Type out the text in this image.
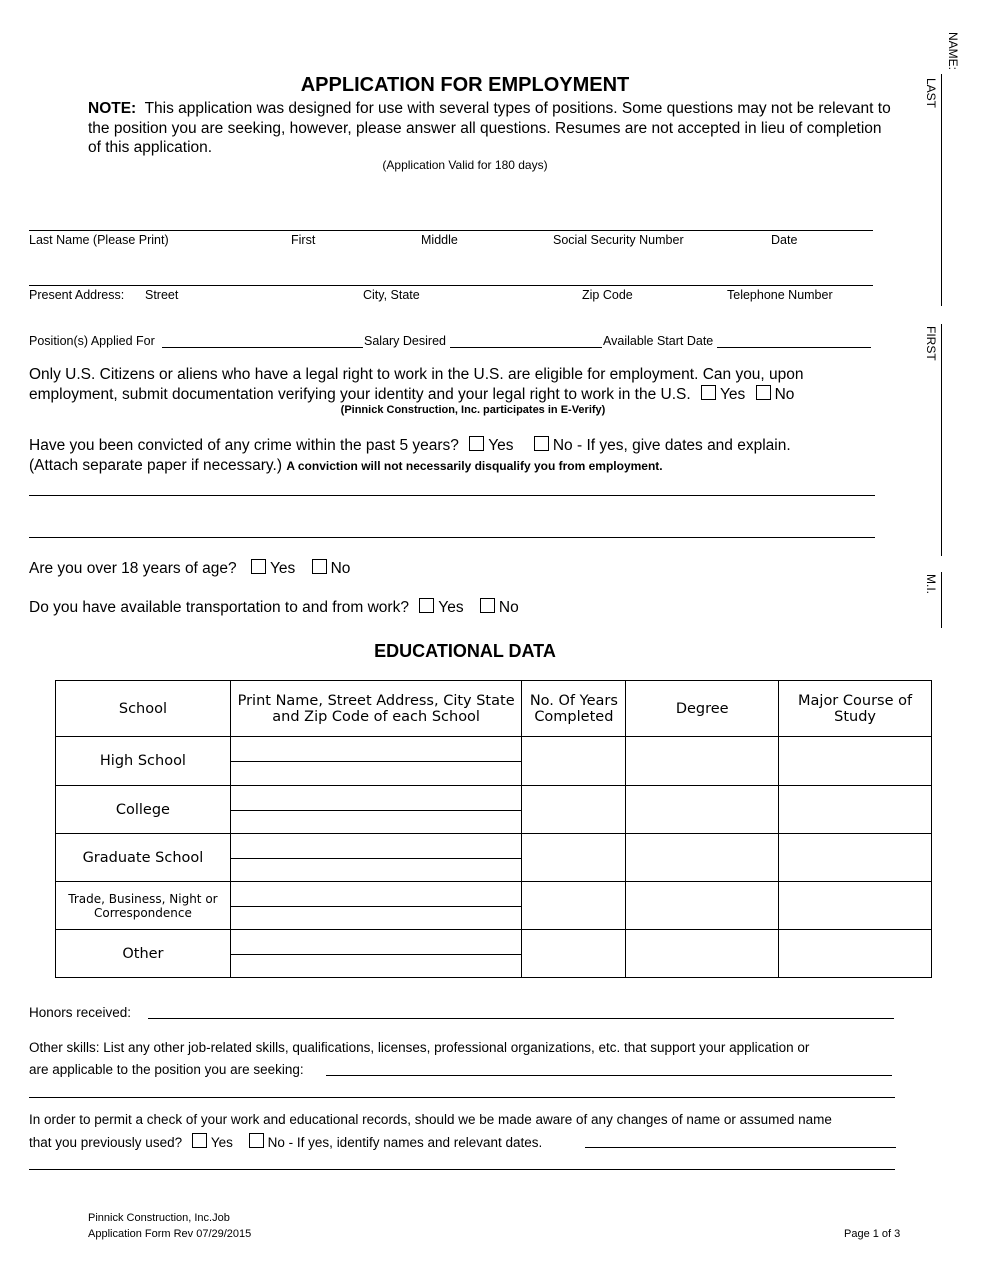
APPLICATION FOR EMPLOYMENT
NOTE: This application was designed for use with several types of positions. Some questions may not be relevant to the position you are seeking, however, please answer all questions. Resumes are not accepted in lieu of completion of this application.
(Application Valid for 180 days)
NAME:
LAST
FIRST
M.I.
Last Name (Please Print)	First	Middle	Social Security Number	Date
Present Address: Street	City, State	Zip Code	Telephone Number
Position(s) Applied For	Salary Desired	Available Start Date
Only U.S. Citizens or aliens who have a legal right to work in the U.S. are eligible for employment. Can you, upon
employment, submit documentation verifying your identity and your legal right to work in the U.S. Yes No
(Pinnick Construction, Inc. participates in E-Verify)
Have you been convicted of any crime within the past 5 years? Yes	No - If yes, give dates and explain.
(Attach separate paper if necessary.) A conviction will not necessarily disqualify you from employment.
Are you over 18 years of age? Yes No
Do you have available transportation to and from work? Yes No
EDUCATIONAL DATA
School	Print Name, Street Address, City State and Zip Code of each School	No. Of Years Completed	Degree	Major Course of Study
High School	

College	

Graduate School	

Trade, Business, Night or Correspondence	

Other	

Honors received:
Other skills: List any other job-related skills, qualifications, licenses, professional organizations, etc. that support your application or
are applicable to the position you are seeking:
In order to permit a check of your work and educational records, should we be made aware of any changes of name or assumed name
that you previously used? Yes	No - If yes, identify names and relevant dates.
Pinnick Construction, Inc.Job
Application Form Rev 07/29/2015	Page 1 of 3
